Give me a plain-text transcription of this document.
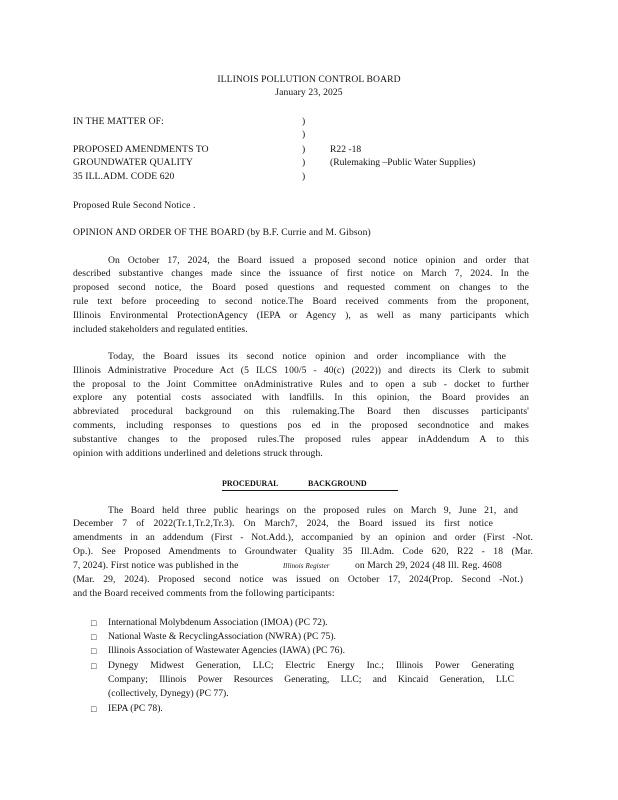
ILLINOIS POLLUTION CONTROL BOARD
January 23, 2025
IN THE MATTER OF:
PROPOSED AMENDMENTS TO
GROUNDWATER QUALITY
35 ILL.ADM. CODE 620
)
)
)
)
)
R22 -18
(Rulemaking –Public Water Supplies)
Proposed Rule Second Notice .
OPINION AND ORDER OF THE BOARD (by B.F. Currie and M. Gibson)
On October 17, 2024, the Board issued a proposed second notice opinion and order that
described substantive changes made since the issuance of first notice on March 7, 2024. In the
proposed second notice, the Board posed questions and requested comment on changes to the
rule text before proceeding to second notice.The Board received comments from the proponent,
Illinois Environmental ProtectionAgency (IEPA or Agency ), as well as many participants which
included stakeholders and regulated entities.
Today, the Board issues its second notice opinion and order incompliance with the
Illinois Administrative Procedure Act (5 ILCS 100/5 - 40(c) (2022)) and directs its Clerk to submit
the proposal to the Joint Committee onAdministrative Rules and to open a sub - docket to further
explore any potential costs associated with landfills. In this opinion, the Board provides an
abbreviated procedural background on this rulemaking.The Board then discusses participants'
comments, including responses to questions pos ed in the proposed secondnotice and makes
substantive changes to the proposed rules.The proposed rules appear inAddendum A to this
opinion with additions underlined and deletions struck through.
PROCEDURAL	BACKGROUND
The Board held three public hearings on the proposed rules on March 9, June 21, and
December 7 of 2022(Tr.1,Tr.2,Tr.3). On March7, 2024, the Board issued its first notice
amendments in an addendum (First - Not.Add.), accompanied by an opinion and order (First -Not.
Op.). See Proposed Amendments to Groundwater Quality 35 Ill.Adm. Code 620, R22 - 18 (Mar.
7, 2024). First notice was published in the	Illinois Register	on March 29, 2024 (48 Ill. Reg. 4608
(Mar. 29, 2024). Proposed second notice was issued on October 17, 2024(Prop. Second -Not.)
and the Board received comments from the following participants:
□ International Molybdenum Association (IMOA) (PC 72).
□ National Waste & RecyclingAssociation (NWRA) (PC 75).
□ Illinois Association of Wastewater Agencies (IAWA) (PC 76).
□ Dynegy Midwest Generation, LLC; Electric Energy Inc.; Illinois Power Generating
Company; Illinois Power Resources Generating, LLC; and Kincaid Generation, LLC
(collectively, Dynegy) (PC 77).
□ IEPA (PC 78).
